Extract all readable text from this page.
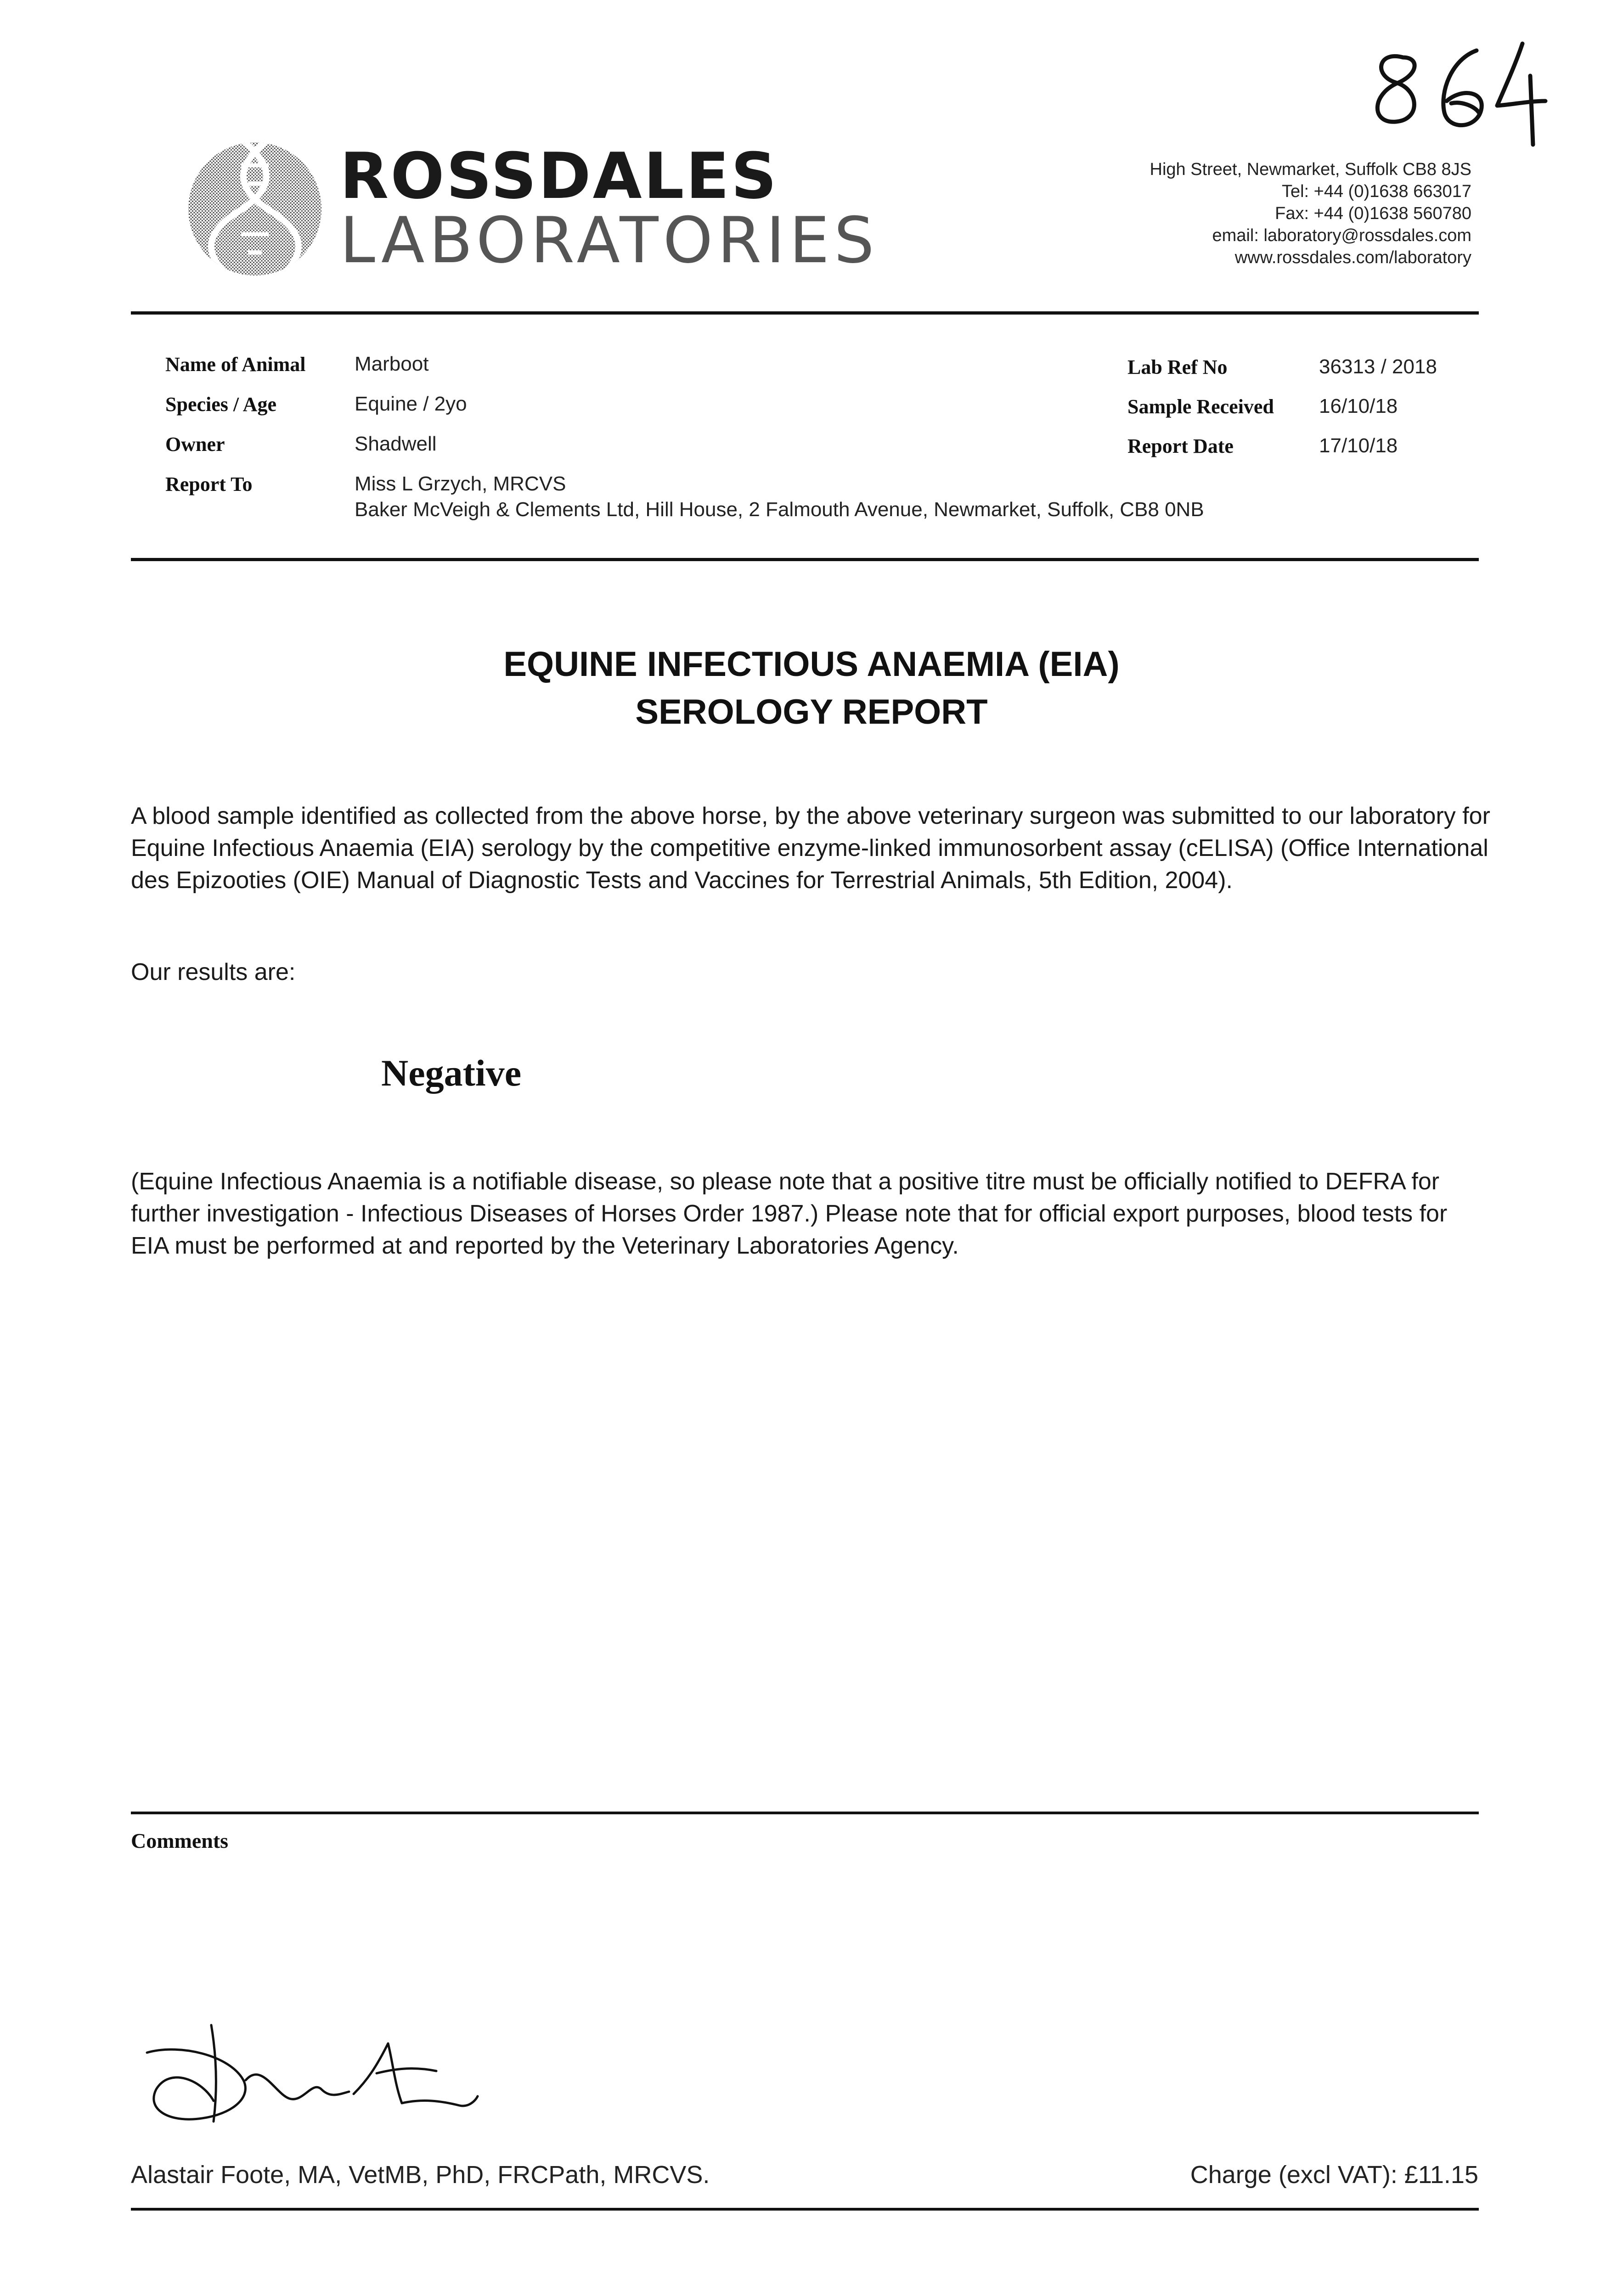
ROSSDALES
LABORATORIES
High Street, Newmarket, Suffolk CB8 8JS
Tel: +44 (0)1638 663017
Fax: +44 (0)1638 560780
email: laboratory@rossdales.com
www.rossdales.com/laboratory
Name of Animal Marboot
Species / Age	Equine / 2yo
Owner	Shadwell
Report To	Miss L Grzych, MRCVS
Baker McVeigh & Clements Ltd, Hill House, 2 Falmouth Avenue, Newmarket, Suffolk, CB8 0NB
Lab Ref No	36313 / 2018
Sample Received 16/10/18
Report Date	17/10/18
EQUINE INFECTIOUS ANAEMIA (EIA)
SEROLOGY REPORT
A blood sample identified as collected from the above horse, by the above veterinary surgeon was submitted to our laboratory for Equine Infectious Anaemia (EIA) serology by the competitive enzyme-linked immunosorbent assay (cELISA) (Office International des Epizooties (OIE) Manual of Diagnostic Tests and Vaccines for Terrestrial Animals, 5th Edition, 2004).
Our results are:
Negative
(Equine Infectious Anaemia is a notifiable disease, so please note that a positive titre must be officially notified to DEFRA for further investigation - Infectious Diseases of Horses Order 1987.) Please note that for official export purposes, blood tests for EIA must be performed at and reported by the Veterinary Laboratories Agency.
Comments
Alastair Foote, MA, VetMB, PhD, FRCPath, MRCVS.	Charge (excl VAT): £11.15
